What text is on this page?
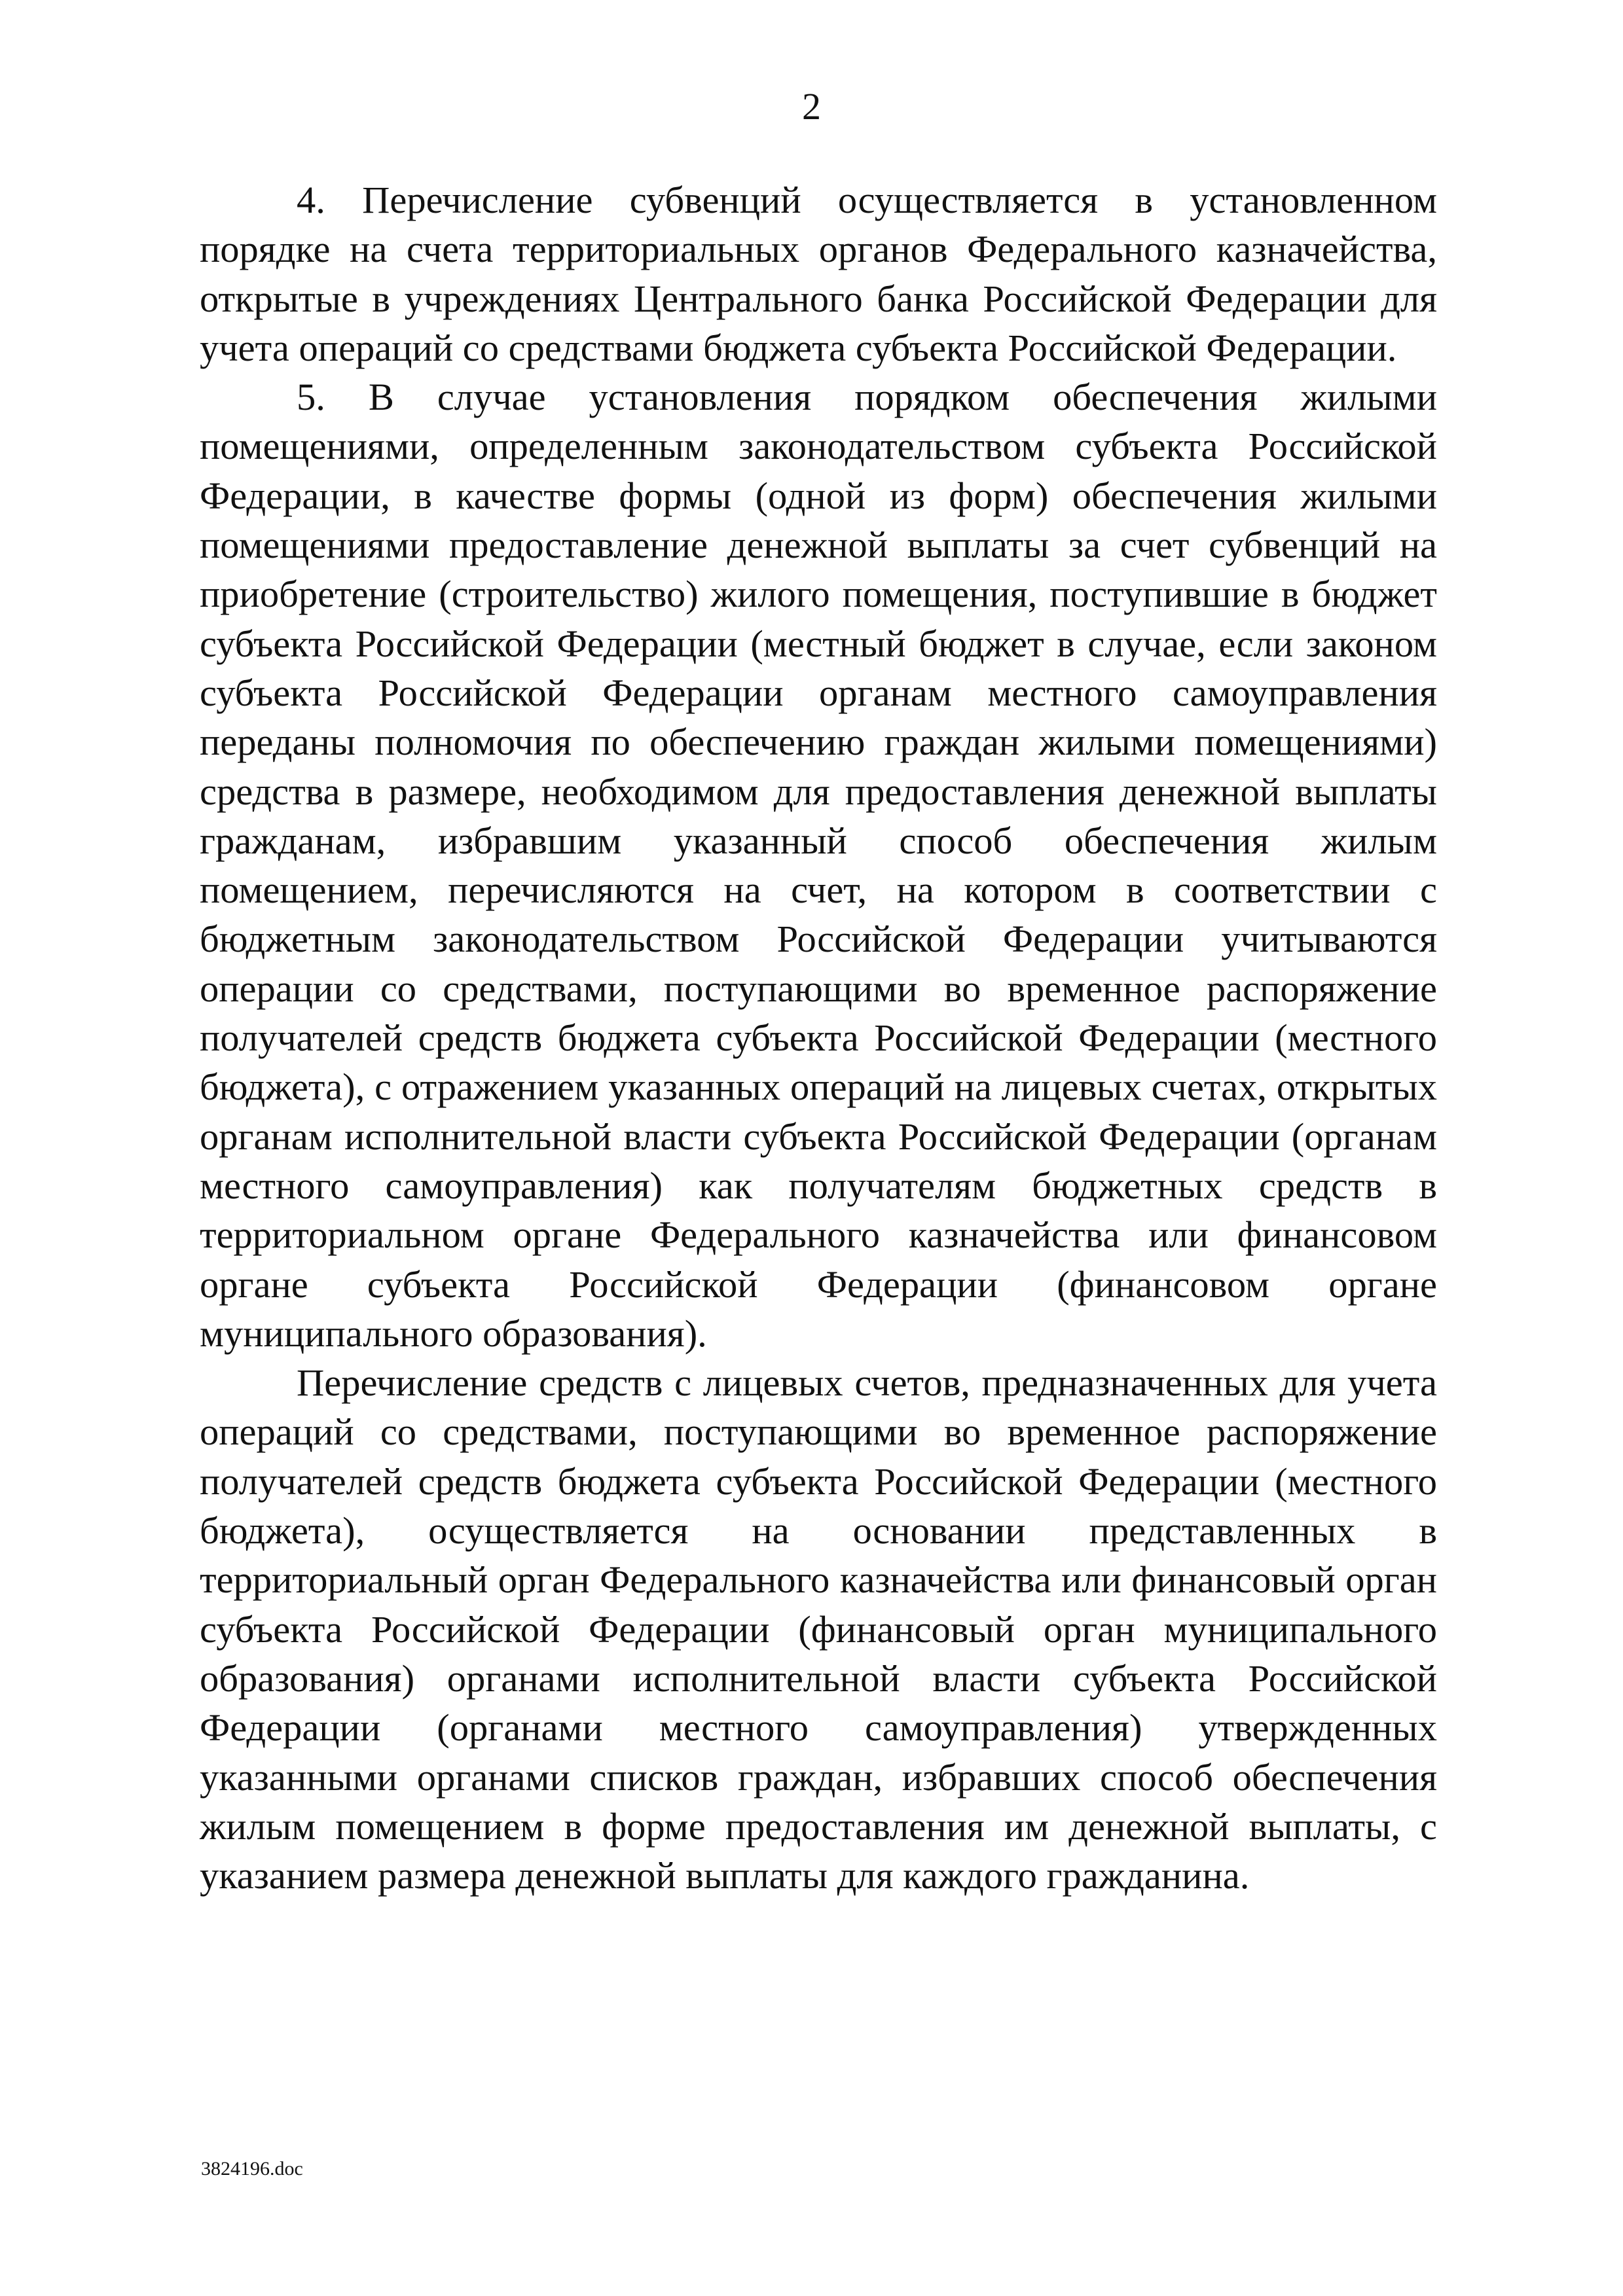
2

4. Перечисление субвенций осуществляется в установленном порядке на счета территориальных органов Федерального казначейства, открытые в учреждениях Центрального банка Российской Федерации для учета операций со средствами бюджета субъекта Российской Федерации.

5. В случае установления порядком обеспечения жилыми помещениями, определенным законодательством субъекта Российской Федерации, в качестве формы (одной из форм) обеспечения жилыми помещениями предоставление денежной выплаты за счет субвенций на приобретение (строительство) жилого помещения, поступившие в бюджет субъекта Российской Федерации (местный бюджет в случае, если законом субъекта Российской Федерации органам местного самоуправления переданы полномочия по обеспечению граждан жилыми помещениями) средства в размере, необходимом для предоставления денежной выплаты гражданам, избравшим указанный способ обеспечения жилым помещением, перечисляются на счет, на котором в соответствии с бюджетным законодательством Российской Федерации учитываются операции со средствами, поступающими во временное распоряжение получателей средств бюджета субъекта Российской Федерации (местного бюджета), с отражением указанных операций на лицевых счетах, открытых органам исполнительной власти субъекта Российской Федерации (органам местного самоуправления) как получателям бюджетных средств в территориальном органе Федерального казначейства или финансовом органе субъекта Российской Федерации (финансовом органе муниципального образования).

Перечисление средств с лицевых счетов, предназначенных для учета операций со средствами, поступающими во временное распоряжение получателей средств бюджета субъекта Российской Федерации (местного бюджета), осуществляется на основании представленных в территориальный орган Федерального казначейства или финансовый орган субъекта Российской Федерации (финансовый орган муниципального образования) органами исполнительной власти субъекта Российской Федерации (органами местного самоуправления) утвержденных указанными органами списков граждан, избравших способ обеспечения жилым помещением в форме предоставления им денежной выплаты, с указанием размера денежной выплаты для каждого гражданина.

3824196.doc
